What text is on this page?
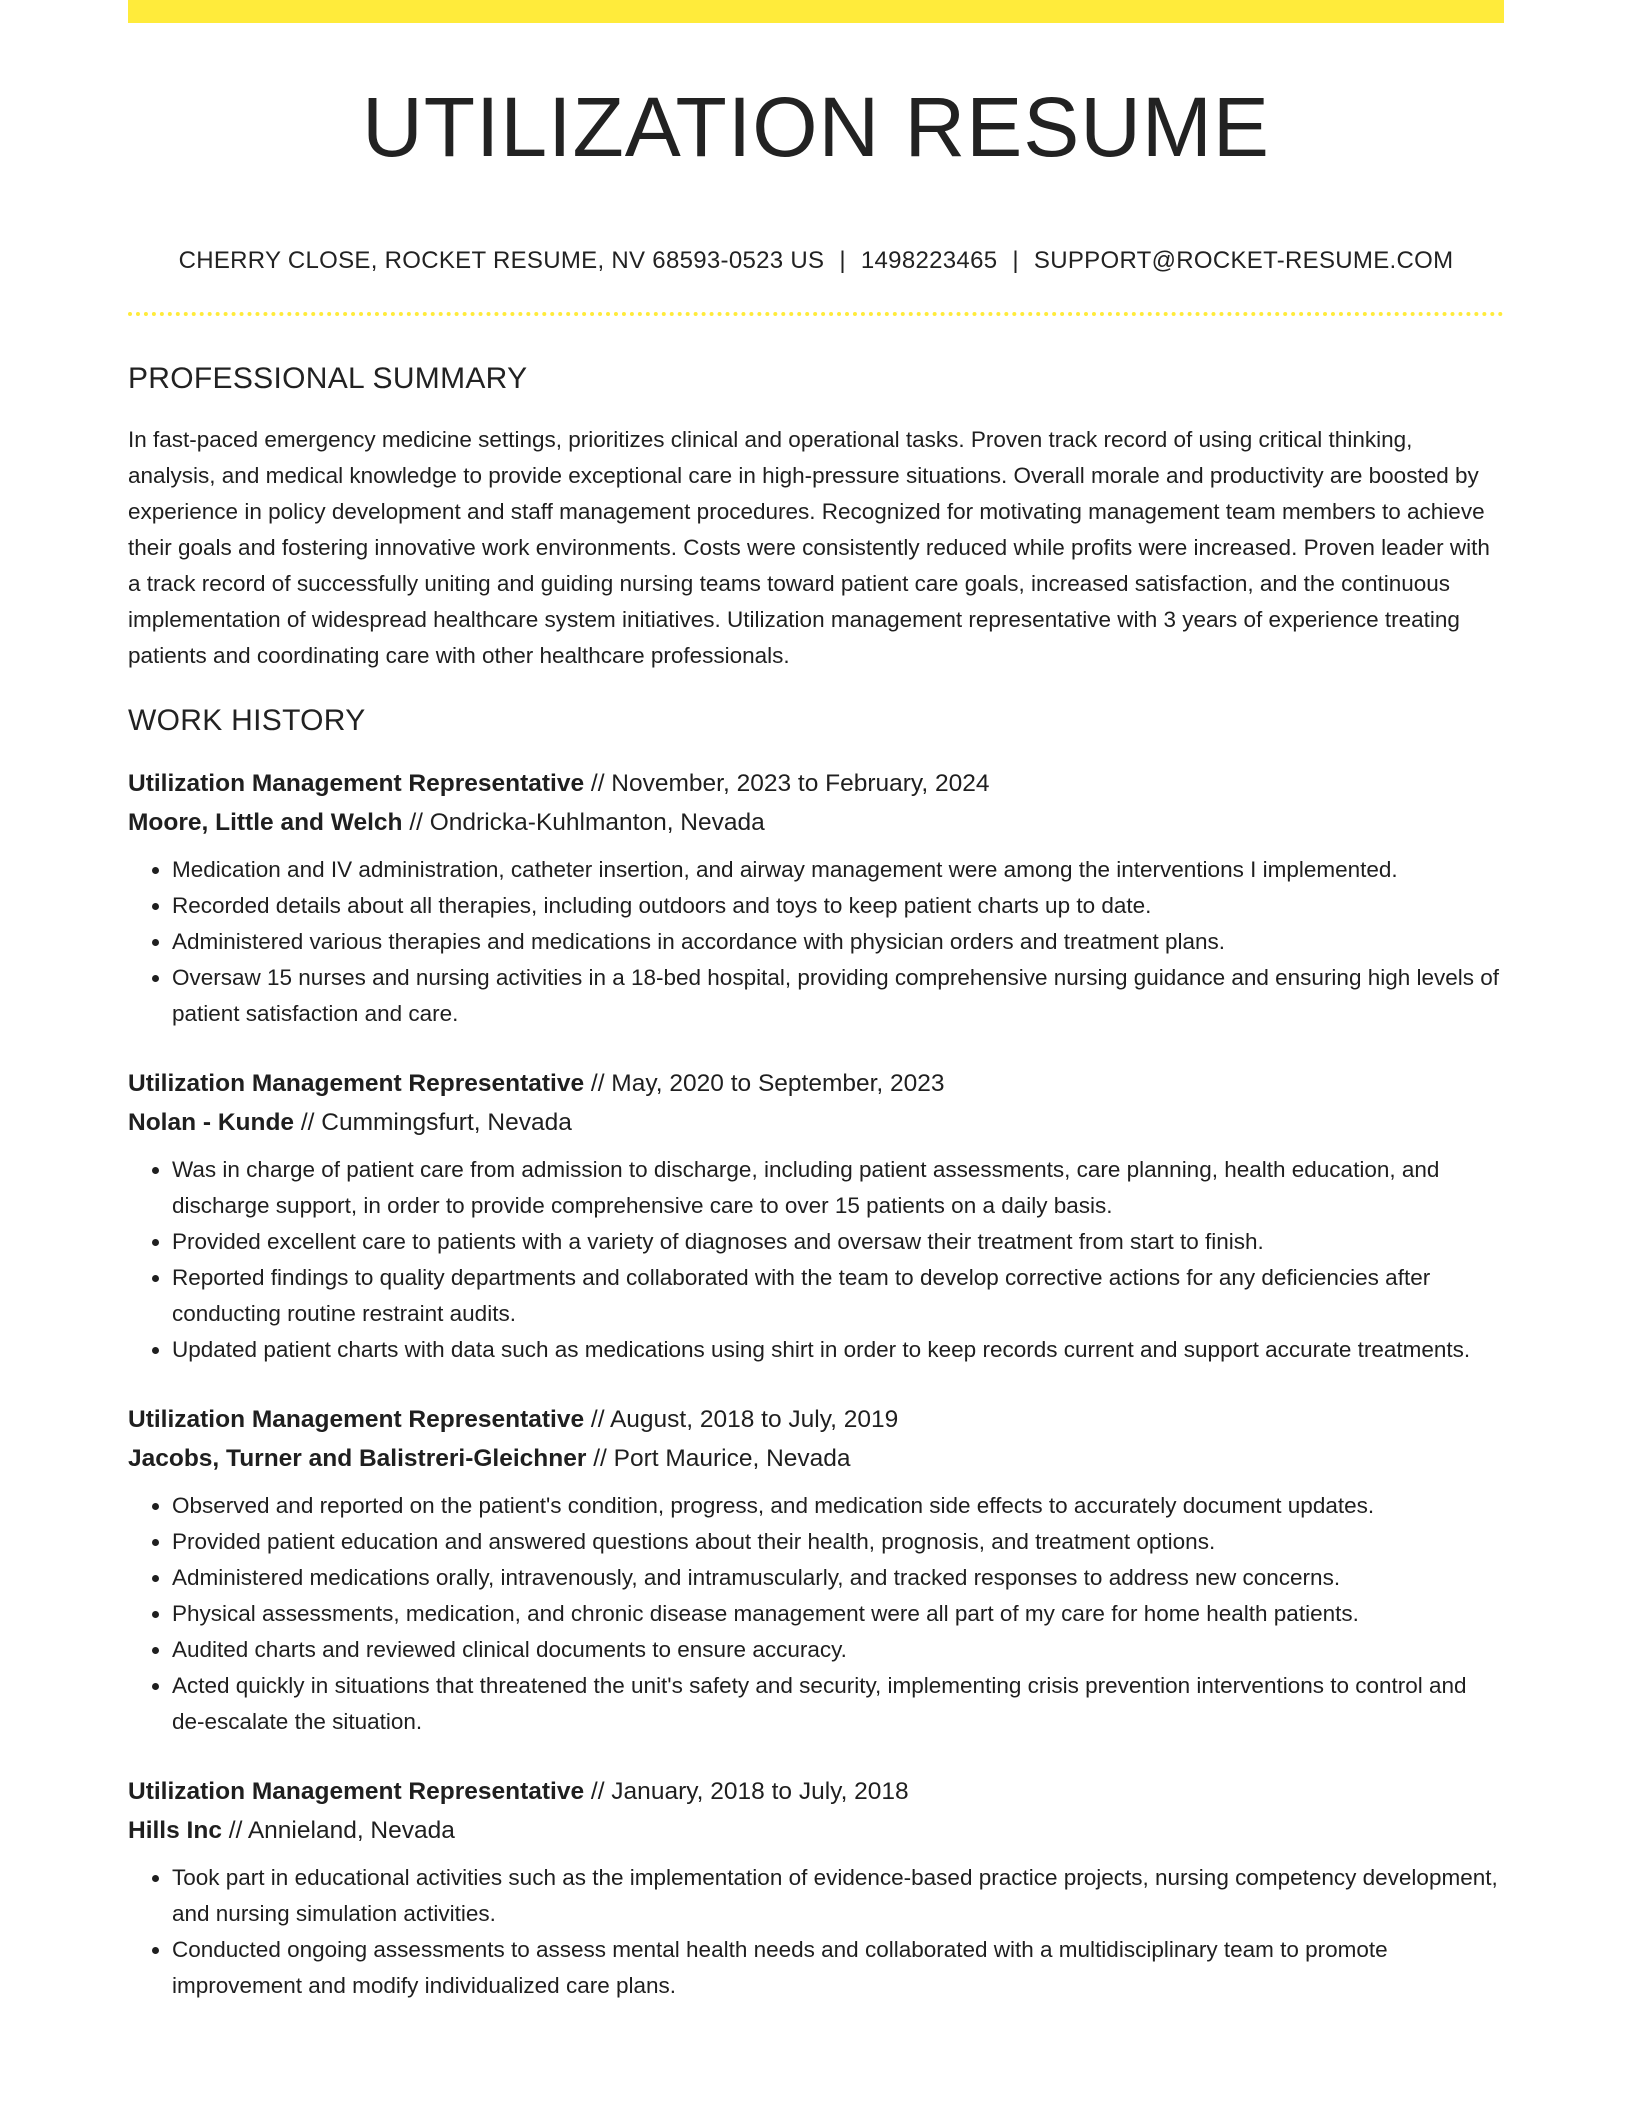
UTILIZATION RESUME
CHERRY CLOSE, ROCKET RESUME, NV 68593-0523 US | 1498223465 | SUPPORT@ROCKET-RESUME.COM
PROFESSIONAL SUMMARY
In fast-paced emergency medicine settings, prioritizes clinical and operational tasks. Proven track record of using critical thinking, analysis, and medical knowledge to provide exceptional care in high-pressure situations. Overall morale and productivity are boosted by experience in policy development and staff management procedures. Recognized for motivating management team members to achieve their goals and fostering innovative work environments. Costs were consistently reduced while profits were increased. Proven leader with a track record of successfully uniting and guiding nursing teams toward patient care goals, increased satisfaction, and the continuous implementation of widespread healthcare system initiatives. Utilization management representative with 3 years of experience treating patients and coordinating care with other healthcare professionals.
WORK HISTORY
Utilization Management Representative // November, 2023 to February, 2024
Moore, Little and Welch // Ondricka-Kuhlmanton, Nevada
• Medication and IV administration, catheter insertion, and airway management were among the interventions I implemented.
• Recorded details about all therapies, including outdoors and toys to keep patient charts up to date.
• Administered various therapies and medications in accordance with physician orders and treatment plans.
• Oversaw 15 nurses and nursing activities in a 18-bed hospital, providing comprehensive nursing guidance and ensuring high levels of patient satisfaction and care.
Utilization Management Representative // May, 2020 to September, 2023
Nolan - Kunde // Cummingsfurt, Nevada
• Was in charge of patient care from admission to discharge, including patient assessments, care planning, health education, and discharge support, in order to provide comprehensive care to over 15 patients on a daily basis.
• Provided excellent care to patients with a variety of diagnoses and oversaw their treatment from start to finish.
• Reported findings to quality departments and collaborated with the team to develop corrective actions for any deficiencies after conducting routine restraint audits.
• Updated patient charts with data such as medications using shirt in order to keep records current and support accurate treatments.
Utilization Management Representative // August, 2018 to July, 2019
Jacobs, Turner and Balistreri-Gleichner // Port Maurice, Nevada
• Observed and reported on the patient's condition, progress, and medication side effects to accurately document updates.
• Provided patient education and answered questions about their health, prognosis, and treatment options.
• Administered medications orally, intravenously, and intramuscularly, and tracked responses to address new concerns.
• Physical assessments, medication, and chronic disease management were all part of my care for home health patients.
• Audited charts and reviewed clinical documents to ensure accuracy.
• Acted quickly in situations that threatened the unit's safety and security, implementing crisis prevention interventions to control and de-escalate the situation.
Utilization Management Representative // January, 2018 to July, 2018
Hills Inc // Annieland, Nevada
• Took part in educational activities such as the implementation of evidence-based practice projects, nursing competency development, and nursing simulation activities.
• Conducted ongoing assessments to assess mental health needs and collaborated with a multidisciplinary team to promote improvement and modify individualized care plans.
